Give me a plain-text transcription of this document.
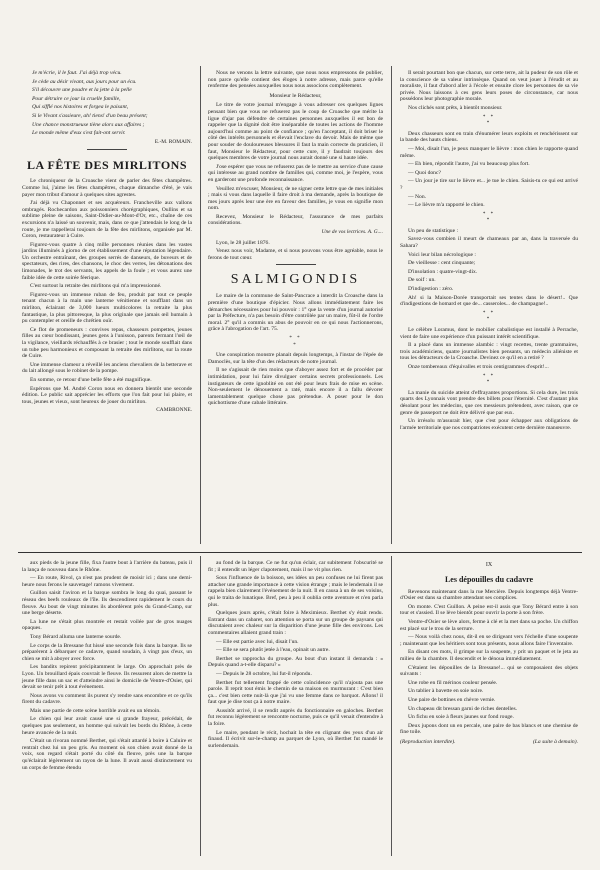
Je m'écrie, il le faut. J'ai déjà trop vécu.
Je cède au désir vivant, aux jours pour un écu.
S'il découvre une poudre et la jette à la pelle
Pour détruire ce jour la cruelle famille,
Qui sifflé nos histoires et forgea le paisant,
Si le Vivant s'assieure, ah! tiens! d'un beau présent;
Une chance monstrueuse tiène alors aux affaires ;
Le monde même d'eux s'est fait-ont servir.
E.-M. ROMAIN.
LA FÊTE DES MIRLITONS

Le chroniqueur de la Croasche vient de parler des fêtes champêtres. Comme lui, j'aime les fêtes champêtres, chaque dimanche d'été, je vais payer mon tribut d'amour à quelques sites agrestes.

J'ai déjà vu Chaponnet et ses acquéreurs. Francheville aux vallons ombragés. Rochecardon aux poissonniers chorégraphiques, Oullins et sa sublime pleine de saisons, Saint-Didier-au-Mont-d'Or, etc., chaîne de ces excursions n'a laissé un souvenir, mais, dans ce que j'attendais le long de la route, je me rappellerai toujours de la fête des mirlitons, organisée par M. Coron, restaurateur à Cuire.

Figurez-vous quatre à cinq mille personnes réunies dans les vastes jardins illuminés à giorno de cet établissement d'une réputation légendaire. Un orchestre entraînant, des groupes serrés de danseurs, de buveurs et de spectateurs, des rires, des chansons, le choc des verres, les détonations des limonades, le trot des servants, les appels de la foule ; et vous aurez une faible idée de cette soirée féerique.

C'est surtout la retraite des mirlitons qui m'a impressionné.

Figurez-vous un immense ruban de feu, produit par tout ce peuple tenant chacun à la main une lanterne vénitienne et soufflant dans un mirliton, éclairant de 3,000 lueurs multicolores la retraite la plus fantastique, la plus pittoresque, la plus originale que jamais œil humain à pu contempler et oreille de chrétien ouïr.

Ce flot de promeneurs : convives repas, chasseurs pompettes, jeunes filles au cœur bondissant, jeunes gens à l'unisson, parents fermant l'œil de la vigilance, vieillards réchauffés à ce brasier ; tout le monde soufflait dans un tube peu harmonieux et composant la retraite des mirlitons, sur la route de Cuire.

Une immense clameur a réveillé les anciens chevaliers de la betterave et du lait allongé sous le robinet de la pompe.

En somme, ce retour d'une belle fête a été magnifique.

Espérons que M. André Coron nous en donnera bientôt une seconde édition. Le public sait apprécier les efforts que l'on fait pour lui plaire, et tous, jeunes et vieux, sont heureux de jouer du mirliton.

CAMBRONNE.

Nous ne venons la lettre suivante, que nous nous empressons de publier, non parce qu'elle contient des éloges à notre adresse, mais parce qu'elle renferme des pensées auxquelles nous nous associons complètement.

Monsieur le Rédacteur,

Le titre de votre journal m'engage à vous adresser ces quelques lignes pensant bien que vous ne refuserez pas le coup de Croasche que mérite la ligue d'ajar pas défendre de certaines personnes auxquelles il est bon de rappeler que la dignité doit être inséparable de toutes les actions de l'homme aujourd'hui comme au point de confiance ; qu'en l'acceptant, il doit briser le côté des intérêts personnels et élevait l'enclave du devoir. Mais de même que pour souder de douloureuses blessures il faut la main correcte du praticien, il faut, Monsieur le Rédacteur, pour cette cure, il y faudrait toujours des quelques membres de votre journal nous aurait donné une si haute idée.

J'ose espérer que vous ne refuserez pas de le mettre au service d'une cause qui intéresse au grand nombre de familles qui, comme moi, je l'espère, vous en garderont une profonde reconnaissance.

Veuillez m'excuser, Monsieur, de ne signer cette lettre que de mes initiales ; mais si vous dans laquelle il faire droit à ma demande, après la boutique de mes jours après leur une ère en faveur des familles, je vous en signifie mon nom.

Recevez, Monsieur le Rédacteur, l'assurance de mes parfaits considérations.

Une de vos lectrices. A. G....

Lyon, le 28 juillet 1876.

Venez nous voir, Madame, et si nous pouvons vous être agréable, nous le ferons de tout cœur.

SALMIGONDIS

Le maire de la commune de Saint-Pancrace a interdit la Croasche dans la première d'une boutique d'épicier. Nous allons immédiatement faire les démarches nécessaires pour lui pouvoir : 1° que la vente d'un journal autorisé par la Préfecture, n'a pas besoin d'être contrôlée par un maire, fût-il de l'ordre moral. 2° qu'il a commis un abus de pouvoir en ce qui nous l'actionnerons, grâce à l'abrogation de l'art. 75.

* *
*

Une conspiration monstre planait depuis longtemps, à l'instar de l'épée de Damoclès, sur la tête d'un des rédacteurs de notre journal.

Il ne s'agissait de rien moins que d'aboyer assez fort et de procéder par intimidation, pour lui faire divulguer certains secrets professionnels. Les instigateurs de cette ignoblité en ont été pour leurs frais de mise en scène. Non-seulement le dénouement a raté, mais encore il a fallu dévorer lamentablement quelque chose pas prétendue. A poser pour le don quichottisme d'une cabale littéraire.

Il serait pourtant bon que chacun, sur cette terre, ait la pudeur de son rôle et la conscience de sa valeur intrinsèque. Quand on veut jouer à l'érudit et au moraliste, il faut d'abord aller à l'école et ensuite clore les personnes de sa vie privée. Nous laissons à ces gens leurs poses de circonstance, car nous possédons leur photographie morale.

Nos clichés sont prêts, à bientôt monsieur.

* *
*

Deux chasseurs sont en train d'énumérer leurs exploits et renchérissent sur la bande des hauts chiens.

— Moi, disait l'un, je peux manquer le lièvre : mon chien le rapporte quand même.

— Eh bien, répondit l'autre, j'ai vu beaucoup plus fort.

— Quoi donc?

— Un jour je tire sur le lièvre et... je tue le chien. Saisis-tu ce qui est arrivé ?

— Non.

— Le lièvre m'a rapporté le chien.

* *
*

Un peu de statistique :

Savez-vous combien il meurt de chameaux par an, dans la traversée du Sahara?

Voici leur bilan nécrologique :

De vieillesse : cent cinquante;

D'insolation : quatre-vingt-dix.

De soif : un.

D'indigestion : zéro.

Ah! si la Maison-Dorée transportait ses tentes dans le désert!.. Que d'indigestions de homard et que de... casseroles... de champagne!..

* *
*

Le célèbre Loramus, dont le mobilier cabalistique est installé à Perrache, vient de faire une expérience d'un puissant intérêt scientifique.

Il a placé dans un immense alambic : vingt recettes, trente grammaires, trois académiciens, quatre journalistes bien pensants, un médecin aliéniste et tous les détracteurs de la Croasche. Devinez ce qu'il en a retiré ?

Onze tombereaux d'équivalles et trois centigrammes d'esprit!...

* *
*

La manie du suicide atteint d'effrayantes proportions. Si cela dure, les trois quarts des Lyonnais vont prendre des billets pour l'éternité. C'est d'autant plus désolant pour les médecins, que ces messieurs prétendent, avec raison, que ce genre de passeport ne doit être délivré que par eux.

Un irrésolu m'assurait hier, que c'est pour échapper aux obligations de l'armée territoriale que nos compatriotes exécutent cette dernière manœuvre.

aux pieds de la jeune fille, fixa l'autre bout à l'arrière du bateau, puis il la lança de nouveau dans le Rhône.

— En route, Rivol, ça n'est pas prudent de moisir ici ; dans une demi-heure nous ferons le sauvetage! ramons vivement.

Guillon saisit l'aviron et la barque sombra le long du quai, passant le réseau des beefs rouleaux de l'île. Ils descendirent rapidement le cours du fleuve. Au bout de vingt minutes ils abordèrent près du Grand-Camp, sur une berge déserte.

La lune ne s'était plus montrée et restait voilée par de gros nuages opaques.

Tony Bérard alluma une lanterne sourde.

Le corps de la Bressane fut hissé une seconde fois dans la barque. Ils se préparèrent à débarquer ce cadavre, quand soudain, à vingt pas d'eux, un chien se mit à aboyer avec force.

Les bandits repirent précipitamment le large. On approchait près de Lyon. Un brouillard épais couvrait le fleuve. Ils ressurent alors de mettre la jeune fille dans un sac et d'atteindre ainsi le domicile de Ventre-d'Osier, qui devait se tenir prêt à tout événement.

Nous avons vu comment ils purent s'y rendre sans encombre et ce qu'ils firent du cadavre.

Mais une partie de cette scène horrible avait eu un témoin.

Le chien qui leur avait causé une si grande frayeur, précédait, de quelques pas seulement, un homme qui suivait les bords du Rhône, à cette heure avancée de la nuit.

C'était un rivoran nommé Berthet, qui s'était attardé à boire à Caluire et rentrait chez lui un peu gris. Au moment où son chien avait donné de la voix, son regard s'était porté du côté du fleuve, près une la barque qu'éclairait légèrement un rayon de la lune. Il avait aussi distinctement vu un corps de femme étendu

au fond de la barque. Ce ne fut qu'un éclair, car subitement l'obscurité se fit ; il entendit un léger clapotement, mais il ne vit plus rien.

Sous l'influence de la boisson, ses idées un peu confuses ne lui firent pas attacher une grande importance à cette vision étrange ; mais le lendemain il se rappela bien clairement l'événement de la nuit. Il en causa à un de ses voisins, qui le traita de lunatique. Bref, peu à peu il oublia cette aventure et n'en parla plus.

Quelques jours après, c'était foire à Meximieux. Berthet s'y était rendu. Entrant dans un cabaret, son attention se porta sur un groupe de paysans qui discutaient avec chaleur sur la disparition d'une jeune fille des environs. Les commentaires allaient grand train :

— Elle est partie avec lui, disait l'un.

— Elle se sera plutôt jetée à l'eau, opinait un autre.

Berthet se rapprocha du groupe. Au bout d'un instant il demanda : « Depuis quand a-t-elle disparu? »

— Depuis le 28 octobre, lui fut-il répondu.

Berthet fut tellement frappé de cette coïncidence qu'il n'ajouta pas une parole. Il reprit tout émis le chemin de sa maison en murmurant : C'est bien ça... c'est bien cette nuit-là que j'ai vu une femme dans ce barquot. Allons! il faut que je dise tout ça à notre maire.

Aussitôt arrivé, il se rendit auprès du fonctionnaire en galoches. Berthet fut reconnu légèrement se rencontre nocturne, puis ce qu'il venait d'entendre à la foire.

Le maire, pendant le récit, hochait la tête en clignant des yeux d'un air finaud. Il écrivit sur-le-champ au parquet de Lyon, où Berthet fut mandé le surlendemain.

IX
Les dépouilles du cadavre

Revenons maintenant dans la rue Mercière. Depuis longtemps déjà Ventre-d'Osier est dans sa chambre attendant ses complices.

On monte. C'est Guillon. A peine est-il assis que Tony Bérard entre à son tour et s'assied. Il se lève bientôt pour ouvrir la porte à son frère.

Ventre-d'Osier se lève alors, ferme à clé et la met dans sa poche. Un chiffon est placé sur le trou de la serrure.

— Nous voilà chez nous, dit-il en se dirigeant vers l'échelle d'une soupente ; maintenant que les héritiers sont tous présents, nous allons faire l'inventaire.

En disant ces mots, il grimpe sur la soupente, y prit un paquet et le jeta au milieu de la chambre. Il descendit et le dénoua immédiatement.

C'étaient les dépouilles de la Bressane!... qui se composaient des objets suivants :

Une robe en fil mérinos couleur pensée.

Un tablier à bavette en soie noire.

Une paire de bottines en chèvre vernie.

Un chapeau dit bressan garni de riches dentelles.

Un fichu en soie à fleurs jaunes sur fond rouge.

Deux jupons dont un en percale, une paire de bas blancs et une chemise de fine toile.

(Reproduction interdite).	(La suite à demain).
